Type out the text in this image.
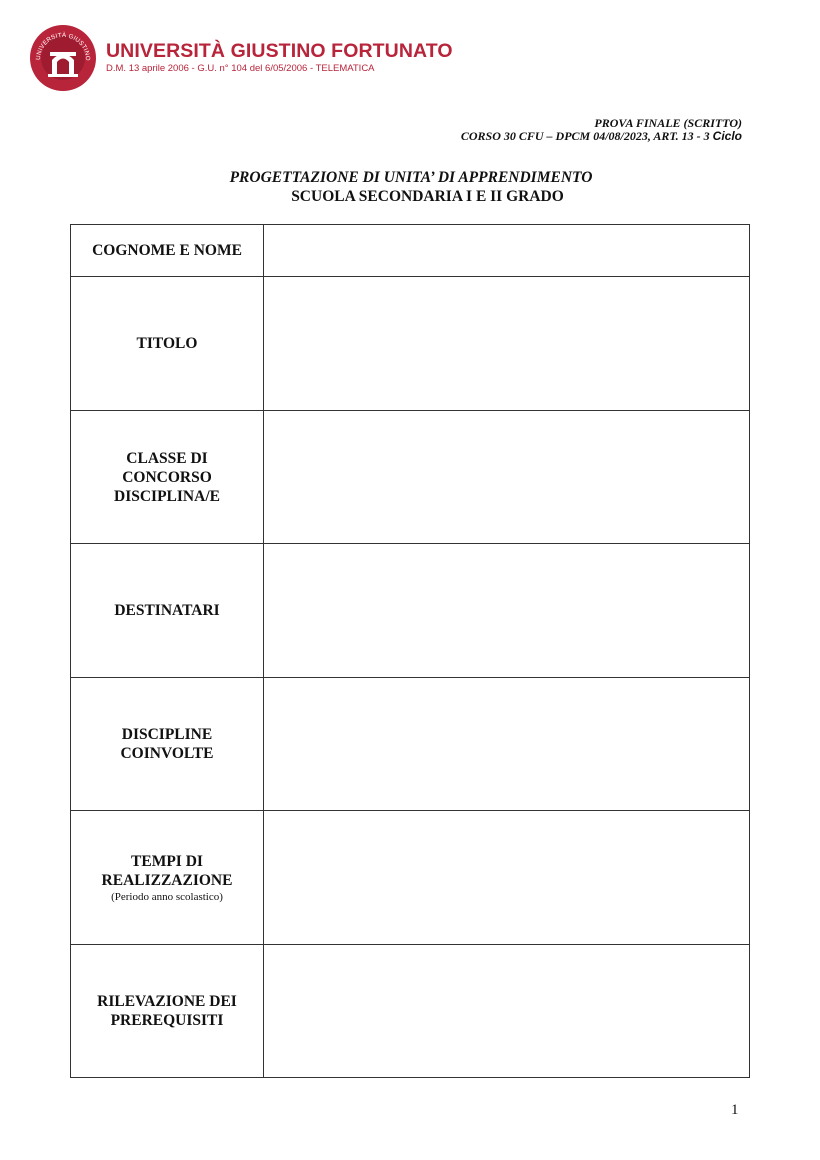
UNIVERSITÀ GIUSTINO UNIVERSITÀ GIUSTINO FORTUNATO
D.M. 13 aprile 2006 - G.U. n° 104 del 6/05/2006 - TELEMATICA
PROVA FINALE (SCRITTO)
CORSO 30 CFU – DPCM 04/08/2023, ART. 13 - 3 Ciclo
PROGETTAZIONE DI UNITA’ DI APPRENDIMENTO
SCUOLA SECONDARIA I E II GRADO
COGNOME E NOME	

TITOLO	

CLASSE DI
CONCORSO
DISCIPLINA/E	

DESTINATARI	

DISCIPLINE
COINVOLTE	

TEMPI DI
REALIZZAZIONE
(Periodo anno scolastico)	

RILEVAZIONE DEI
PREREQUISITI	

1
